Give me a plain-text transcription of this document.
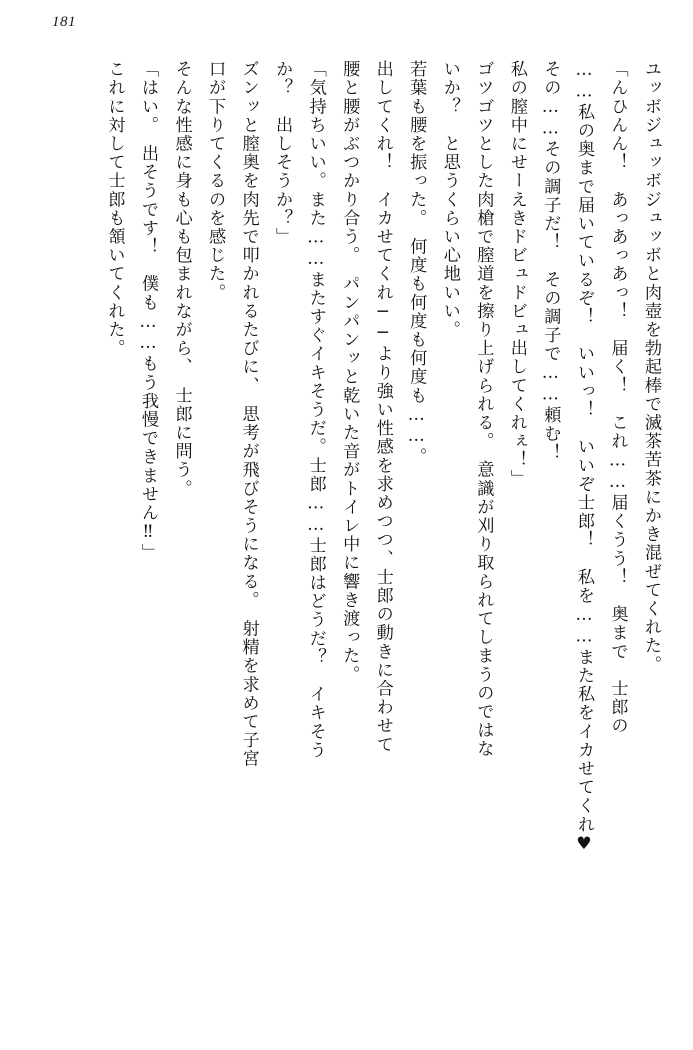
181

ユッボジュッボジュッボと肉壺を勃起棒で滅茶苦茶にかき混ぜてくれた。

「んひんん！　あっあっあっ！　届く！　これ……届くうう！　奥まで　士郎の

……私の奥まで届いているぞ！　いいっ！　いいぞ士郎！　私を……また私をイカせてくれ♥

その……その調子だ！　その調子で……頼む！

私の膣中にせーえきドビュドビュ出してくれぇ！」

ゴツゴツとした肉槍で膣道を擦り上げられる。　意識が刈り取られてしまうのではな

いか？　と思うくらい心地いい。

若葉も腰を振った。　何度も何度も何度も……。

出してくれ！　イカせてくれ──より強い性感を求めつつ、士郎の動きに合わせて

腰と腰がぶつかり合う。　パンパンッと乾いた音がトイレ中に響き渡った。

「気持ちいい。また……またすぐイキそうだ。士郎……士郎はどうだ？　イキそう

か？　出しそうか？」

ズンッと膣奥を肉先で叩かれるたびに、　思考が飛びそうになる。　射精を求めて子宮

口が下りてくるのを感じた。

そんな性感に身も心も包まれながら、　士郎に問う。

「はい。　出そうです！　僕も……もう我慢できません‼」

これに対して士郎も頷いてくれた。
